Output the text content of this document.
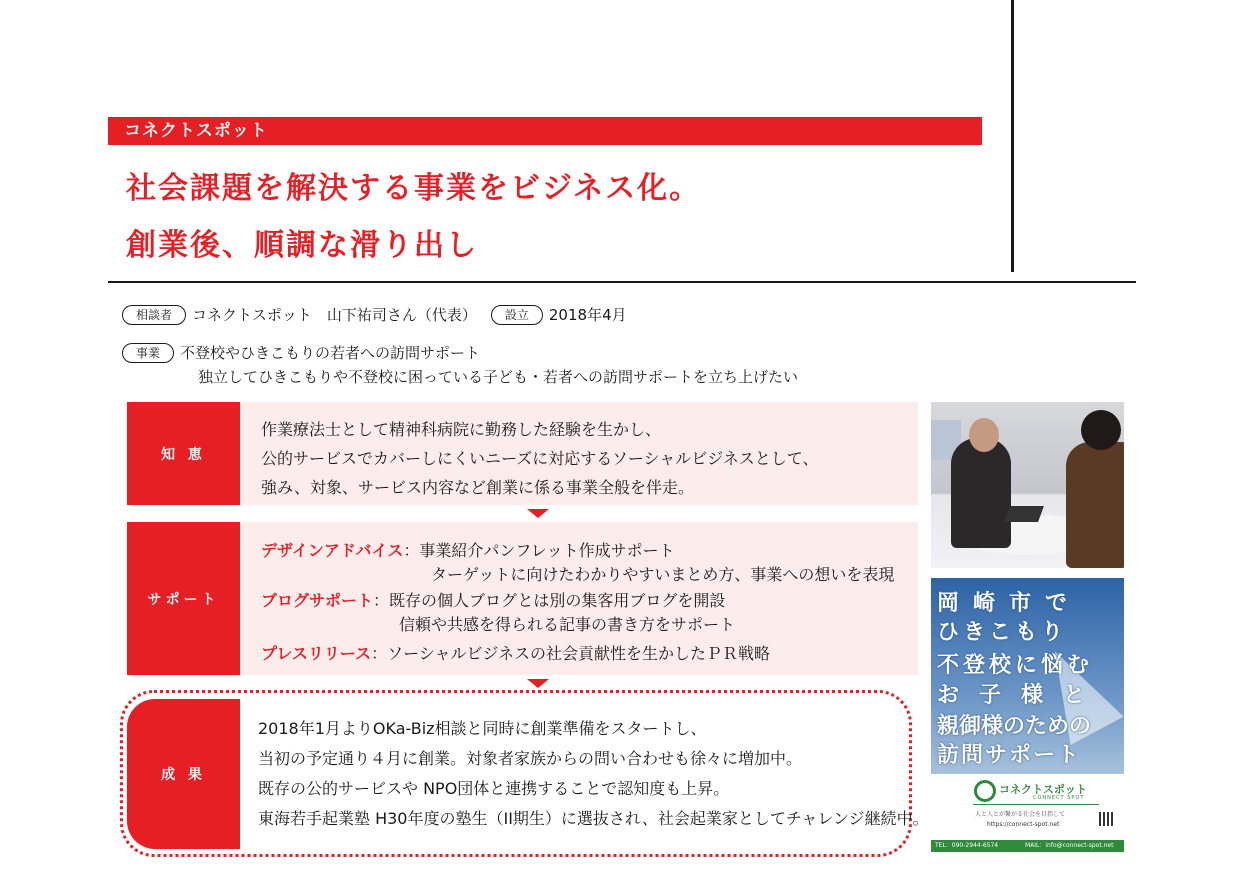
コネクトスポット
社会課題を解決する事業をビジネス化。
創業後、順調な滑り出し
相談者	コネクトスポット　山下祐司さん（代表）	設立	2018年4月
事業	不登校やひきこもりの若者への訪問サポート
独立してひきこもりや不登校に困っている子ども・若者への訪問サポートを立ち上げたい
知 恵
作業療法士として精神科病院に勤務した経験を生かし、
公的サービスでカバーしにくいニーズに対応するソーシャルビジネスとして、
強み、対象、サービス内容など創業に係る事業全般を伴走。
サポート
デザインアドバイス：事業紹介パンフレット作成サポート
ターゲットに向けたわかりやすいまとめ方、事業への想いを表現
ブログサポート：既存の個人ブログとは別の集客用ブログを開設
信頼や共感を得られる記事の書き方をサポート
プレスリリース：ソーシャルビジネスの社会貢献性を生かしたＰＲ戦略
成 果
2018年1月よりOKa-Biz相談と同時に創業準備をスタートし、
当初の予定通り４月に創業。対象者家族からの問い合わせも徐々に増加中。
既存の公的サービスや NPO団体と連携することで認知度も上昇。
東海若手起業塾 H30年度の塾生（II期生）に選抜され、社会起業家としてチャレンジ継続中。
岡崎市で
ひきこもり
不登校に悩む
お子様と
親御様のための
訪問サポート
コネクトスポット
CONNECT SPOT
人と人とが繋がる社会を目指して
https://connect-spot.net
TEL：090-2944-6574	MAIL：info@connect-spot.net
